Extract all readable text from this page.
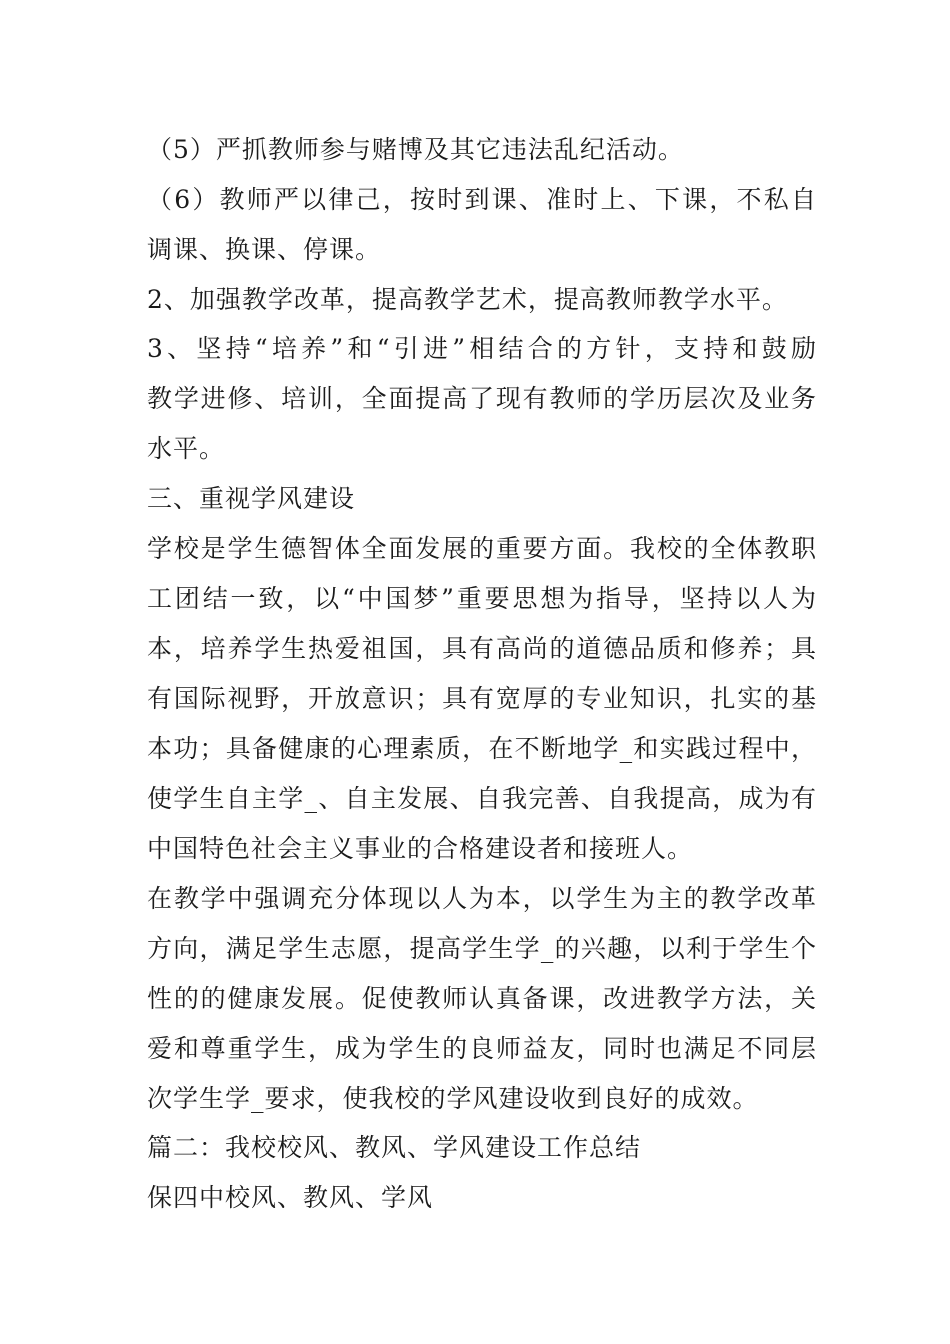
（5）严抓教师参与赌博及其它违法乱纪活动。
（6）教师严以律己，按时到课、准时上、下课，不私自
调课、换课、停课。
2、加强教学改革，提高教学艺术，提高教师教学水平。
3、坚持“培养”和“引进”相结合的方针，支持和鼓励
教学进修、培训，全面提高了现有教师的学历层次及业务
水平。
三、重视学风建设
学校是学生德智体全面发展的重要方面。我校的全体教职
工团结一致，以“中国梦”重要思想为指导，坚持以人为
本，培养学生热爱祖国，具有高尚的道德品质和修养；具
有国际视野，开放意识；具有宽厚的专业知识，扎实的基
本功；具备健康的心理素质，在不断地学_和实践过程中，
使学生自主学_、自主发展、自我完善、自我提高，成为有
中国特色社会主义事业的合格建设者和接班人。
在教学中强调充分体现以人为本，以学生为主的教学改革
方向，满足学生志愿，提高学生学_的兴趣，以利于学生个
性的的健康发展。促使教师认真备课，改进教学方法，关
爱和尊重学生，成为学生的良师益友，同时也满足不同层
次学生学_要求，使我校的学风建设收到良好的成效。
篇二：我校校风、教风、学风建设工作总结
保四中校风、教风、学风
